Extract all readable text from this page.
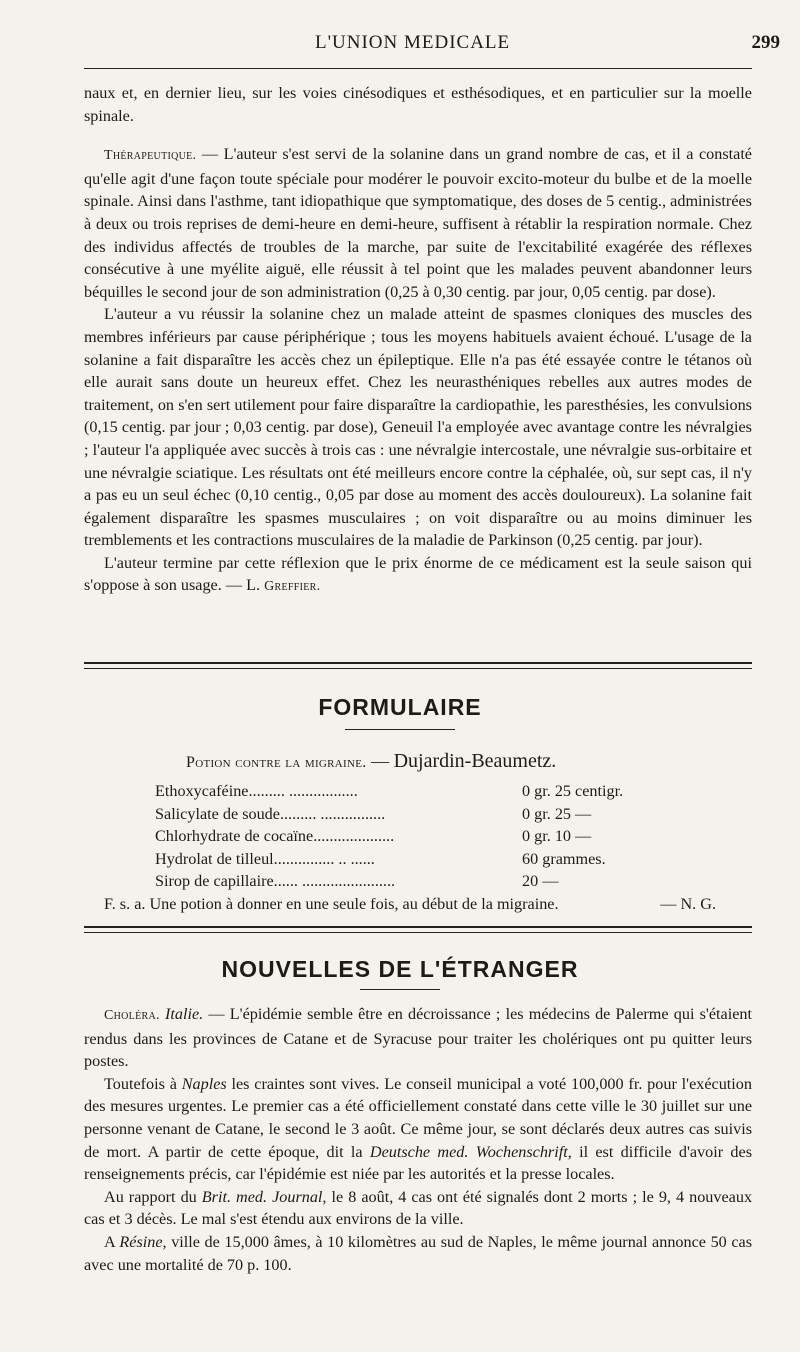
L'UNION MEDICALE	299

naux et, en dernier lieu, sur les voies cinésodiques et esthésodiques, et en particulier sur la moelle spinale.

Thérapeutique. — L'auteur s'est servi de la solanine dans un grand nombre de cas, et il a constaté qu'elle agit d'une façon toute spéciale pour modérer le pouvoir excito-moteur du bulbe et de la moelle spinale. Ainsi dans l'asthme, tant idiopathique que symptomatique, des doses de 5 centig., administrées à deux ou trois reprises de demi-heure en demi-heure, suffisent à rétablir la respiration normale. Chez des individus affectés de troubles de la marche, par suite de l'excitabilité exagérée des réflexes consécutive à une myélite aiguë, elle réussit à tel point que les malades peuvent abandonner leurs béquilles le second jour de son administration (0,25 à 0,30 centig. par jour, 0,05 centig. par dose).

L'auteur a vu réussir la solanine chez un malade atteint de spasmes cloniques des muscles des membres inférieurs par cause périphérique ; tous les moyens habituels avaient échoué. L'usage de la solanine a fait disparaître les accès chez un épileptique. Elle n'a pas été essayée contre le tétanos où elle aurait sans doute un heureux effet. Chez les neurasthéniques rebelles aux autres modes de traitement, on s'en sert utilement pour faire disparaître la cardiopathie, les paresthésies, les convulsions (0,15 centig. par jour ; 0,03 centig. par dose), Geneuil l'a employée avec avantage contre les névralgies ; l'auteur l'a appliquée avec succès à trois cas : une névralgie intercostale, une névralgie sus-orbitaire et une névralgie sciatique. Les résultats ont été meilleurs encore contre la céphalée, où, sur sept cas, il n'y a pas eu un seul échec (0,10 centig., 0,05 par dose au moment des accès douloureux). La solanine fait également disparaître les spasmes musculaires ; on voit disparaître ou au moins diminuer les tremblements et les contractions musculaires de la maladie de Parkinson (0,25 centig. par jour).

L'auteur termine par cette réflexion que le prix énorme de ce médicament est la seule saison qui s'oppose à son usage. — L. Greffier.

FORMULAIRE
Potion contre la migraine. — Dujardin-Beaumetz.
Ethoxycaféine......... .................	0 gr. 25 centigr.
Salicylate de soude......... ................	0 gr. 25 —
Chlorhydrate de cocaïne....................	0 gr. 10 —
Hydrolat de tilleul............... .. ......	60 grammes.
Sirop de capillaire...... .......................	20 —
F. s. a. Une potion à donner en une seule fois, au début de la migraine.	— N. G.
NOUVELLES DE L'ÉTRANGER

Choléra. Italie. — L'épidémie semble être en décroissance ; les médecins de Palerme qui s'étaient rendus dans les provinces de Catane et de Syracuse pour traiter les cholériques ont pu quitter leurs postes.

Toutefois à Naples les craintes sont vives. Le conseil municipal a voté 100,000 fr. pour l'exécution des mesures urgentes. Le premier cas a été officiellement constaté dans cette ville le 30 juillet sur une personne venant de Catane, le second le 3 août. Ce même jour, se sont déclarés deux autres cas suivis de mort. A partir de cette époque, dit la Deutsche med. Wochenschrift, il est difficile d'avoir des renseignements précis, car l'épidémie est niée par les autorités et la presse locales.

Au rapport du Brit. med. Journal, le 8 août, 4 cas ont été signalés dont 2 morts ; le 9, 4 nouveaux cas et 3 décès. Le mal s'est étendu aux environs de la ville.

A Résine, ville de 15,000 âmes, à 10 kilomètres au sud de Naples, le même journal annonce 50 cas avec une mortalité de 70 p. 100.
